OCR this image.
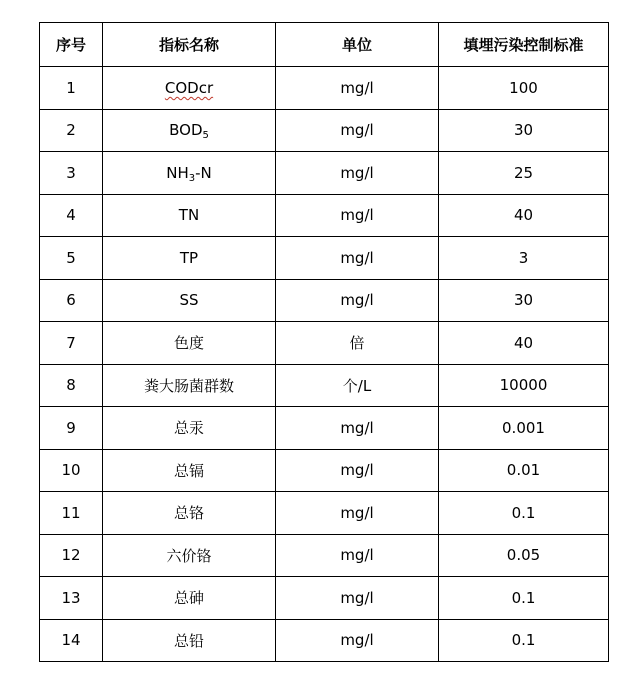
序号	指标名称	单位	填埋污染控制标准
1	CODcr	mg/l	100
2	$BOD_5$	mg/l	30
3	$NH_3-N$	mg/l	25
4	TN	mg/l	40
5	TP	mg/l	3
6	SS	mg/l	30
7	色度	倍	40
8	粪大肠菌群数	个/L	10000
9	总汞	mg/l	0.001
10	总镉	mg/l	0.01
11	总铬	mg/l	0.1
12	六价铬	mg/l	0.05
13	总砷	mg/l	0.1
14	总铅	mg/l	0.1
